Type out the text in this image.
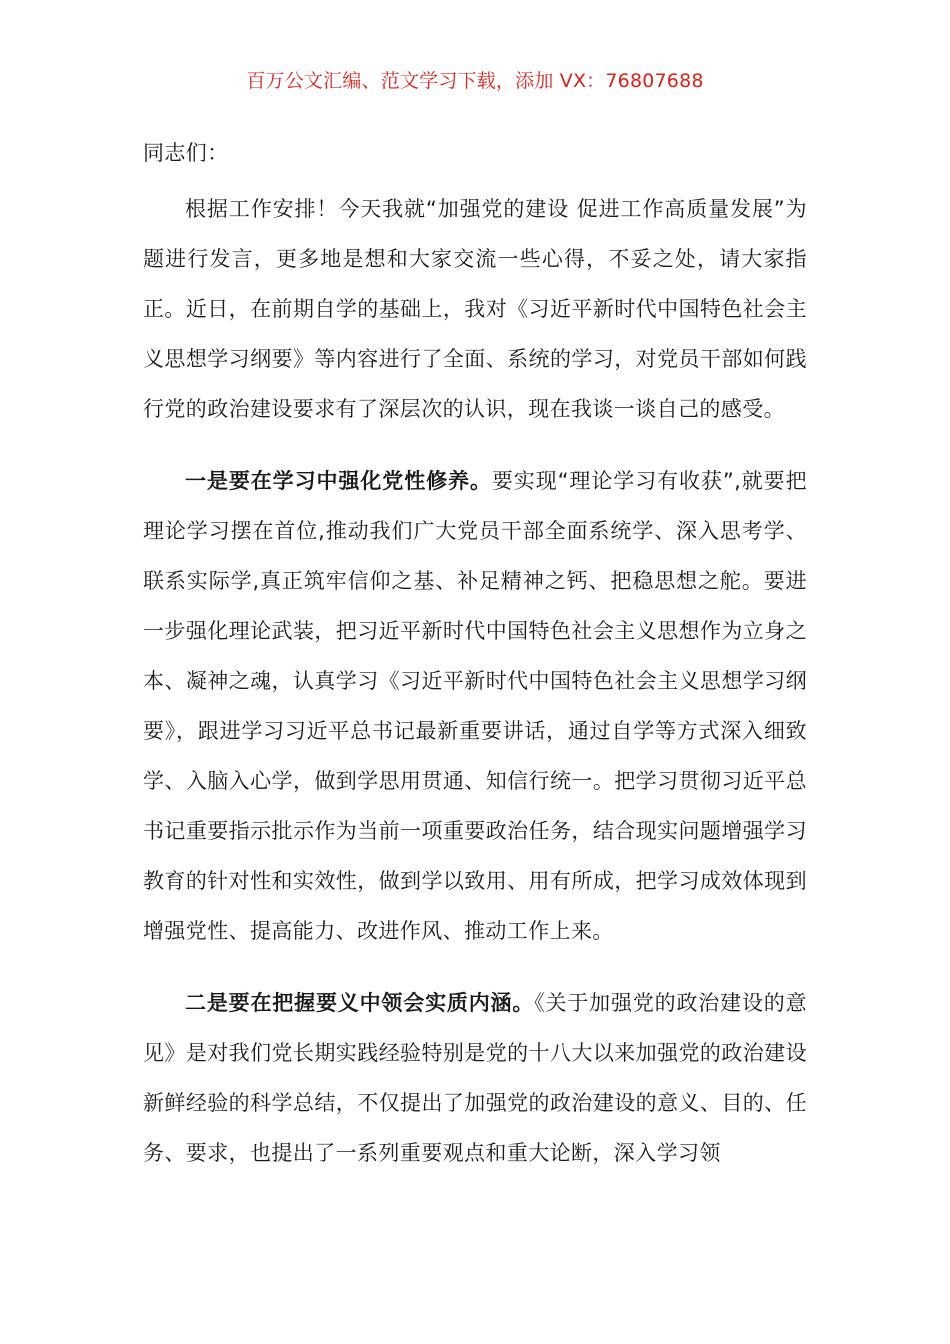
百万公文汇编、范文学习下载，添加 VX：76807688

同志们：

根据工作安排！今天我就“加强党的建设 促进工作高质量发展”为题进行发言，更多地是想和大家交流一些心得，不妥之处，请大家指正。近日，在前期自学的基础上，我对《习近平新时代中国特色社会主义思想学习纲要》等内容进行了全面、系统的学习，对党员干部如何践行党的政治建设要求有了深层次的认识，现在我谈一谈自己的感受。

一是要在学习中强化党性修养。要实现“理论学习有收获”,就要把理论学习摆在首位,推动我们广大党员干部全面系统学、深入思考学、联系实际学,真正筑牢信仰之基、补足精神之钙、把稳思想之舵。要进一步强化理论武装，把习近平新时代中国特色社会主义思想作为立身之本、凝神之魂，认真学习《习近平新时代中国特色社会主义思想学习纲要》，跟进学习习近平总书记最新重要讲话，通过自学等方式深入细致学、入脑入心学，做到学思用贯通、知信行统一。把学习贯彻习近平总书记重要指示批示作为当前一项重要政治任务，结合现实问题增强学习教育的针对性和实效性，做到学以致用、用有所成，把学习成效体现到增强党性、提高能力、改进作风、推动工作上来。

二是要在把握要义中领会实质内涵。《关于加强党的政治建设的意见》是对我们党长期实践经验特别是党的十八大以来加强党的政治建设新鲜经验的科学总结，不仅提出了加强党的政治建设的意义、目的、任务、要求，也提出了一系列重要观点和重大论断，深入学习领
